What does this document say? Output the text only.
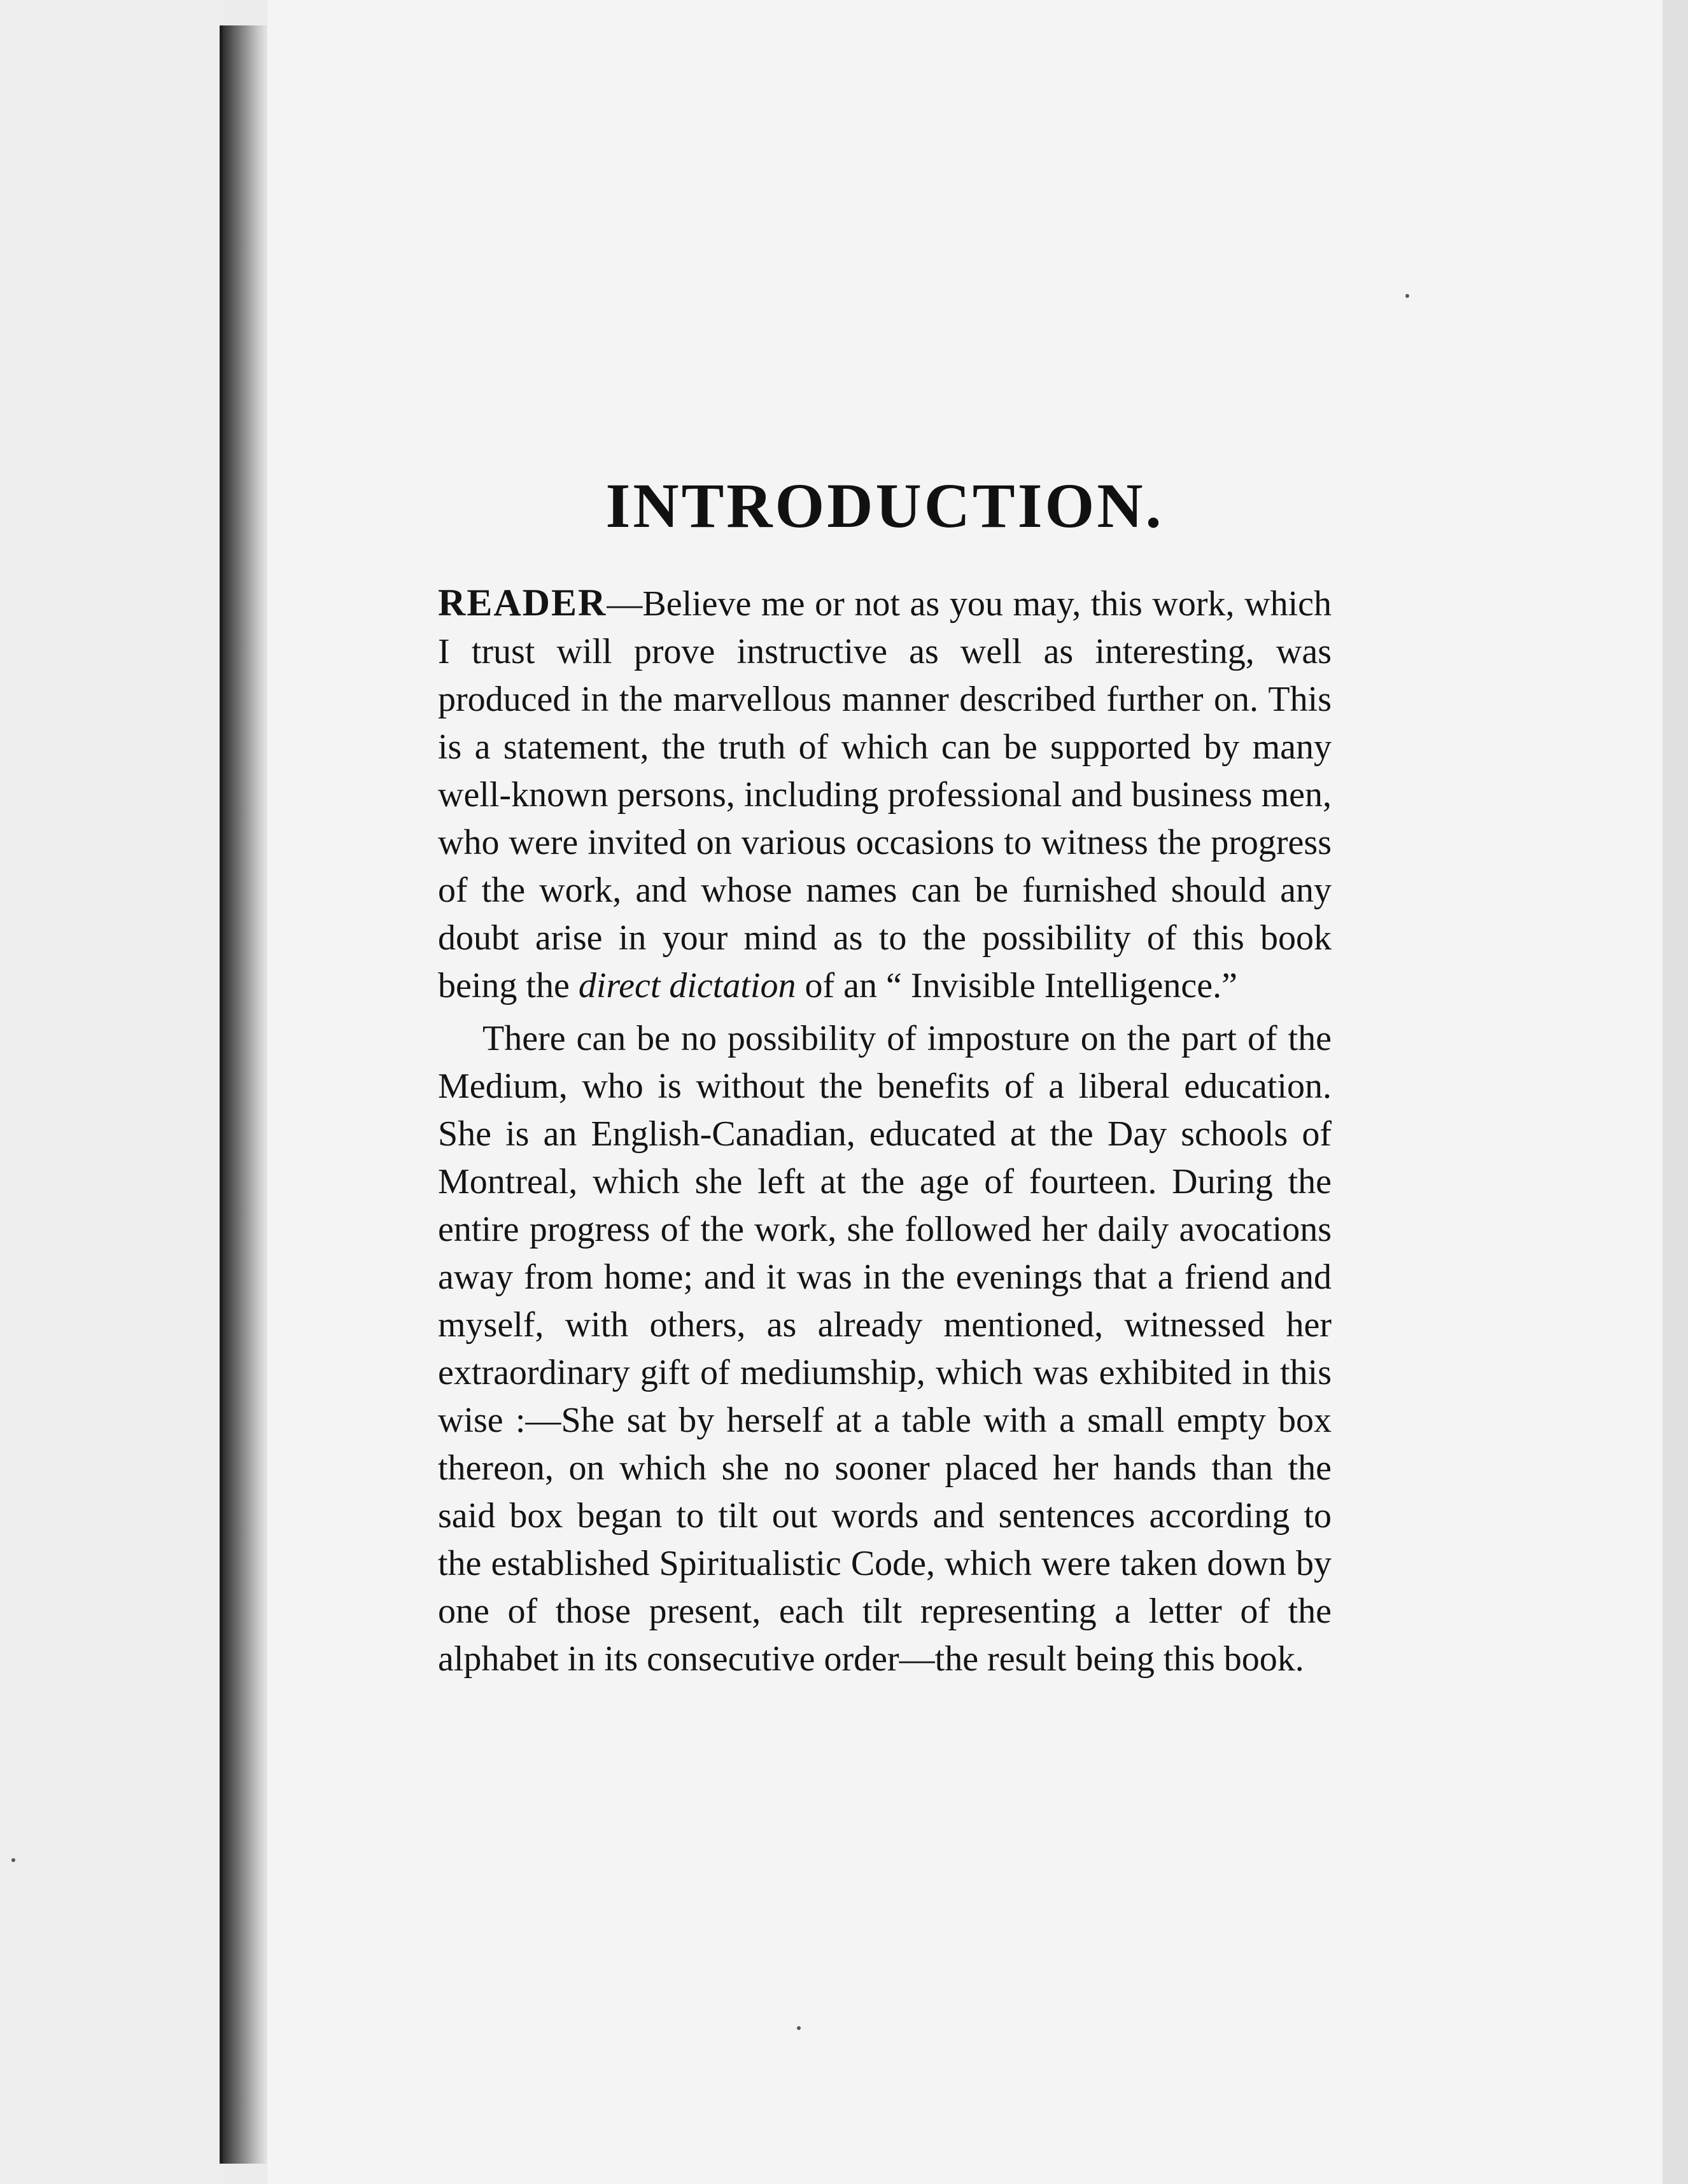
INTRODUCTION.

READER—Believe me or not as you may, this work, which I trust will prove instructive as well as interesting, was produced in the marvellous manner described further on. This is a statement, the truth of which can be supported by many well-known persons, including professional and business men, who were invited on various occasions to witness the progress of the work, and whose names can be furnished should any doubt arise in your mind as to the possibility of this book being the direct dictation of an “ Invisible Intelligence.”

There can be no possibility of imposture on the part of the Medium, who is without the benefits of a liberal education. She is an English-Canadian, educated at the Day schools of Montreal, which she left at the age of fourteen. During the entire progress of the work, she followed her daily avocations away from home; and it was in the evenings that a friend and myself, with others, as already mentioned, witnessed her extraordinary gift of mediumship, which was exhibited in this wise :—She sat by herself at a table with a small empty box thereon, on which she no sooner placed her hands than the said box began to tilt out words and sentences according to the established Spiritualistic Code, which were taken down by one of those present, each tilt representing a letter of the alphabet in its consecutive order—the result being this book.
